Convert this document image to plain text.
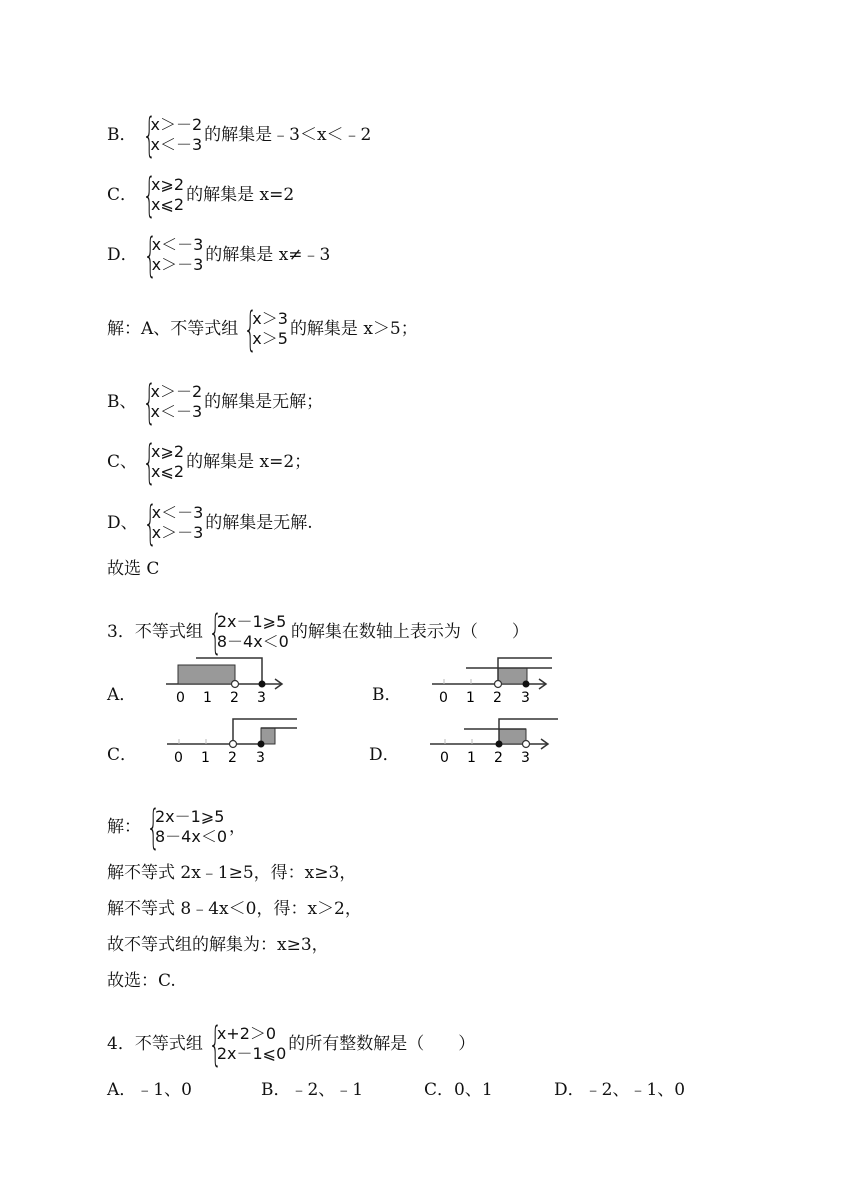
B． {
x＞－2
x＜－3 的解集是﹣3＜x＜﹣2
C． {
x⩾2
x⩽2 的解集是 x=2
D． {
x＜－3
x＞－3 的解集是 x≠﹣3
解：A、不等式组 {
x＞3
x＞5 的解集是 x＞5；
B、 {
x＞－2
x＜－3 的解集是无解；
C、 {
x⩾2
x⩽2 的解集是 x=2；
D、 {
x＜－3
x＞－3 的解集是无解.
故选 C
3．不等式组 {
2x－1⩾5
8－4x＜0 的解集在数轴上表示为（　　）
A．	0 1 2 3	B．	0 1 2 3
C．	0 1 2 3	D．	0 1 2 3
解： {
2x－1⩾5
8－4x＜0 ，
解不等式 2x﹣1≥5，得：x≥3，
解不等式 8﹣4x＜0，得：x＞2，
故不等式组的解集为：x≥3，
故选：C.
4．不等式组 {
x+2＞0
2x－1⩽0 的所有整数解是（　　）
A．﹣1、0	B．﹣2、﹣1	C．0、1	D．﹣2、﹣1、0
